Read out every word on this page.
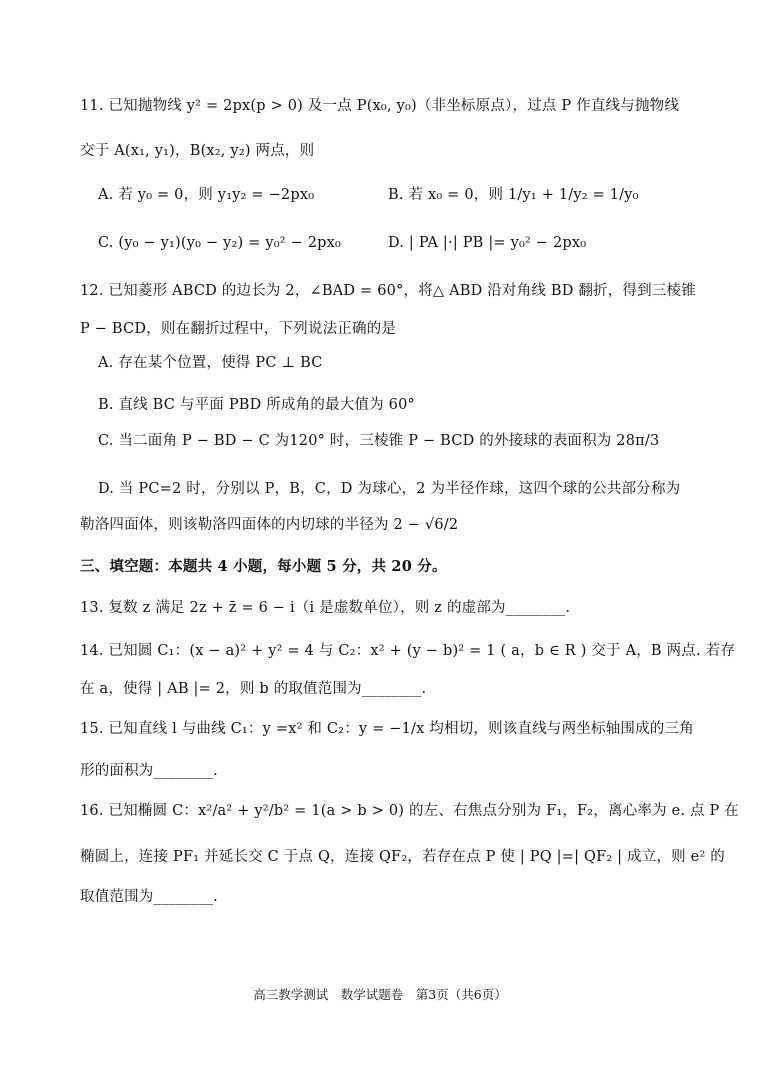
11. 已知抛物线 y² = 2px(p > 0) 及一点 P(x₀, y₀)（非坐标原点），过点 P 作直线与抛物线
交于 A(x₁, y₁)，B(x₂, y₂) 两点，则
A. 若 y₀ = 0，则 y₁y₂ = −2px₀	B. 若 x₀ = 0，则 1/y₁ + 1/y₂ = 1/y₀
C. (y₀ − y₁)(y₀ − y₂) = y₀² − 2px₀	D. | PA |·| PB |= y₀² − 2px₀
12. 已知菱形 ABCD 的边长为 2，∠BAD = 60°，将△ ABD 沿对角线 BD 翻折，得到三棱锥
P − BCD，则在翻折过程中，下列说法正确的是
A. 存在某个位置，使得 PC ⊥ BC
B. 直线 BC 与平面 PBD 所成角的最大值为 60°
C. 当二面角 P − BD − C 为120° 时，三棱锥 P − BCD 的外接球的表面积为 28π/3
D. 当 PC=2 时，分别以 P，B，C，D 为球心，2 为半径作球，这四个球的公共部分称为
勒洛四面体，则该勒洛四面体的内切球的半径为 2 − √6/2
三、填空题：本题共 4 小题，每小题 5 分，共 20 分。
13. 复数 z 满足 2z + z̄ = 6 − i（i 是虚数单位），则 z 的虚部为________.
14. 已知圆 C₁：(x − a)² + y² = 4 与 C₂：x² + (y − b)² = 1 ( a，b ∈ R ) 交于 A，B 两点. 若存
在 a，使得 | AB |= 2，则 b 的取值范围为________.
15. 已知直线 l 与曲线 C₁：y =x² 和 C₂：y = −1/x 均相切，则该直线与两坐标轴围成的三角
形的面积为________.
16. 已知椭圆 C：x²/a² + y²/b² = 1(a > b > 0) 的左、右焦点分别为 F₁，F₂，离心率为 e. 点 P 在
椭圆上，连接 PF₁ 并延长交 C 于点 Q，连接 QF₂，若存在点 P 使 | PQ |=| QF₂ | 成立，则 e² 的
取值范围为________.
高三教学测试　数学试题卷　第3页（共6页）
